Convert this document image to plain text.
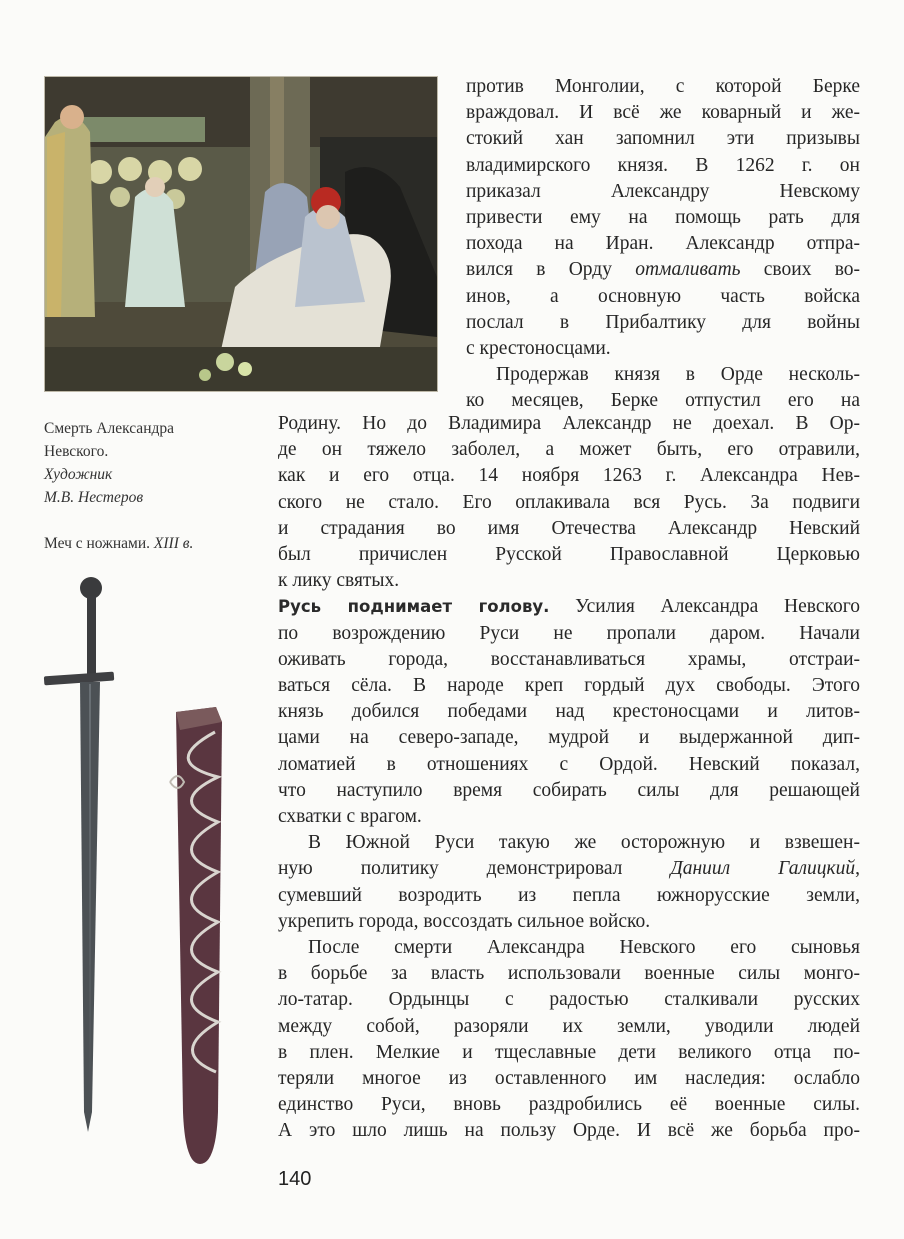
Смерть Александра
Невского.
Художник
М.В. Нестеров
Меч с ножнами. XIII в.

против Монголии, с которой Берке
враждовал. И всё же коварный и же-
стокий хан запомнил эти призывы
владимирского князя. В 1262 г. он
приказал Александру Невскому
привести ему на помощь рать для
похода на Иран. Александр отпра-
вился в Орду отмаливать своих во-
инов, а основную часть войска
послал в Прибалтику для войны
с крестоносцами.

Продержав князя в Орде несколь-
ко месяцев, Берке отпустил его на

Родину. Но до Владимира Александр не доехал. В Ор-
де он тяжело заболел, а может быть, его отравили,
как и его отца. 14 ноября 1263 г. Александра Нев-
ского не стало. Его оплакивала вся Русь. За подвиги
и страдания во имя Отечества Александр Невский
был причислен Русской Православной Церковью
к лику святых.

Русь поднимает голову. Усилия Александра Невского
по возрождению Руси не пропали даром. Начали
оживать города, восстанавливаться храмы, отстраи-
ваться сёла. В народе креп гордый дух свободы. Этого
князь добился победами над крестоносцами и литов-
цами на северо-западе, мудрой и выдержанной дип-
ломатией в отношениях с Ордой. Невский показал,
что наступило время собирать силы для решающей
схватки с врагом.

В Южной Руси такую же осторожную и взвешен-
ную политику демонстрировал Даниил Галицкий,
сумевший возродить из пепла южнорусские земли,
укрепить города, воссоздать сильное войско.

После смерти Александра Невского его сыновья
в борьбе за власть использовали военные силы монго-
ло-татар. Ордынцы с радостью сталкивали русских
между собой, разоряли их земли, уводили людей
в плен. Мелкие и тщеславные дети великого отца по-
теряли многое из оставленного им наследия: ослабло
единство Руси, вновь раздробились её военные силы.
А это шло лишь на пользу Орде. И всё же борьба про-

140
